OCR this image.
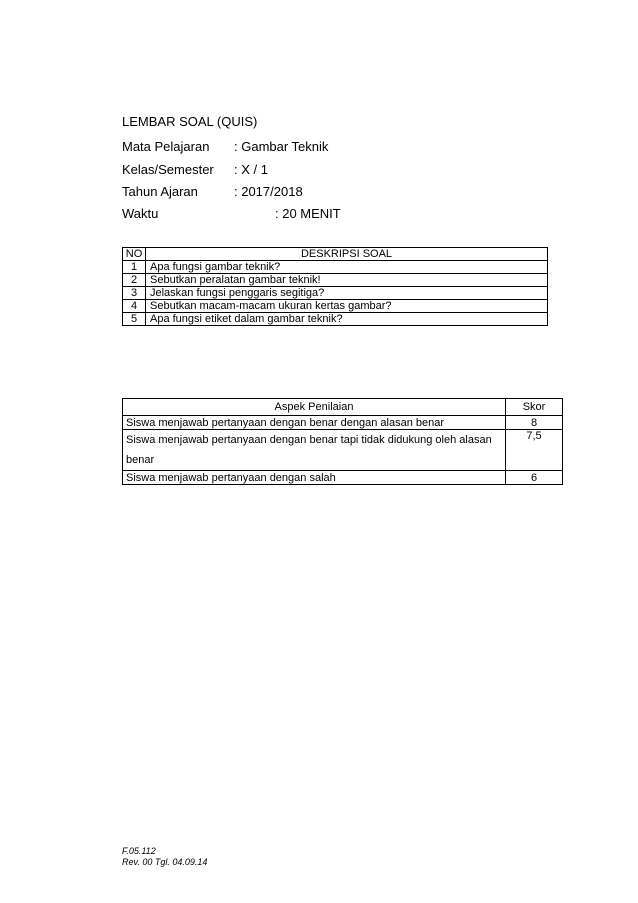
LEMBAR SOAL (QUIS)
Mata Pelajaran : Gambar Teknik
Kelas/Semester : X / 1
Tahun Ajaran	: 2017/2018
Waktu	: 20 MENIT
NO	DESKRIPSI SOAL
1	Apa fungsi gambar teknik?
2	Sebutkan peralatan gambar teknik!
3	Jelaskan fungsi penggaris segitiga?
4	Sebutkan macam-macam ukuran kertas gambar?
5	Apa fungsi etiket dalam gambar teknik?
Aspek Penilaian	Skor
Siswa menjawab pertanyaan dengan benar dengan alasan benar	8

Siswa menjawab pertanyaan dengan benar tapi tidak didukung oleh alasan benar	7,5
Siswa menjawab pertanyaan dengan salah	6
F.05.112
Rev. 00 Tgl. 04.09.14
